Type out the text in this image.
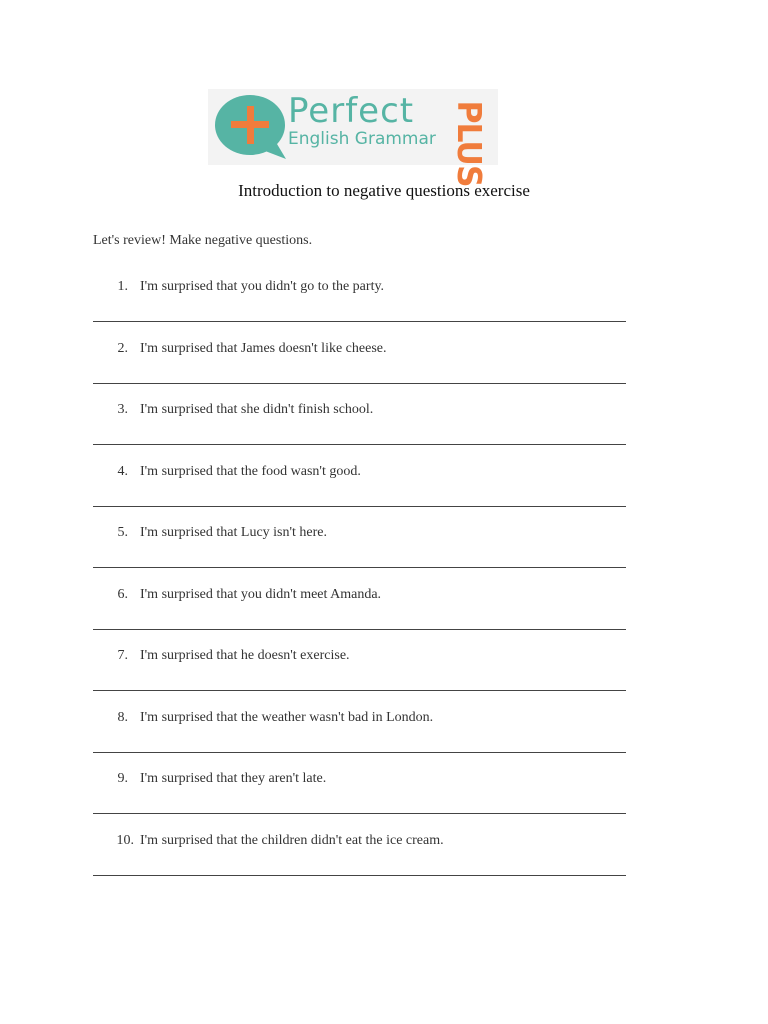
Perfect
English Grammar PLUS
Introduction to negative questions exercise

Let's review! Make negative questions.

1. I'm surprised that you didn't go to the party.
2. I'm surprised that James doesn't like cheese.
3. I'm surprised that she didn't finish school.
4. I'm surprised that the food wasn't good.
5. I'm surprised that Lucy isn't here.
6. I'm surprised that you didn't meet Amanda.
7. I'm surprised that he doesn't exercise.
8. I'm surprised that the weather wasn't bad in London.
9. I'm surprised that they aren't late.
10. I'm surprised that the children didn't eat the ice cream.
